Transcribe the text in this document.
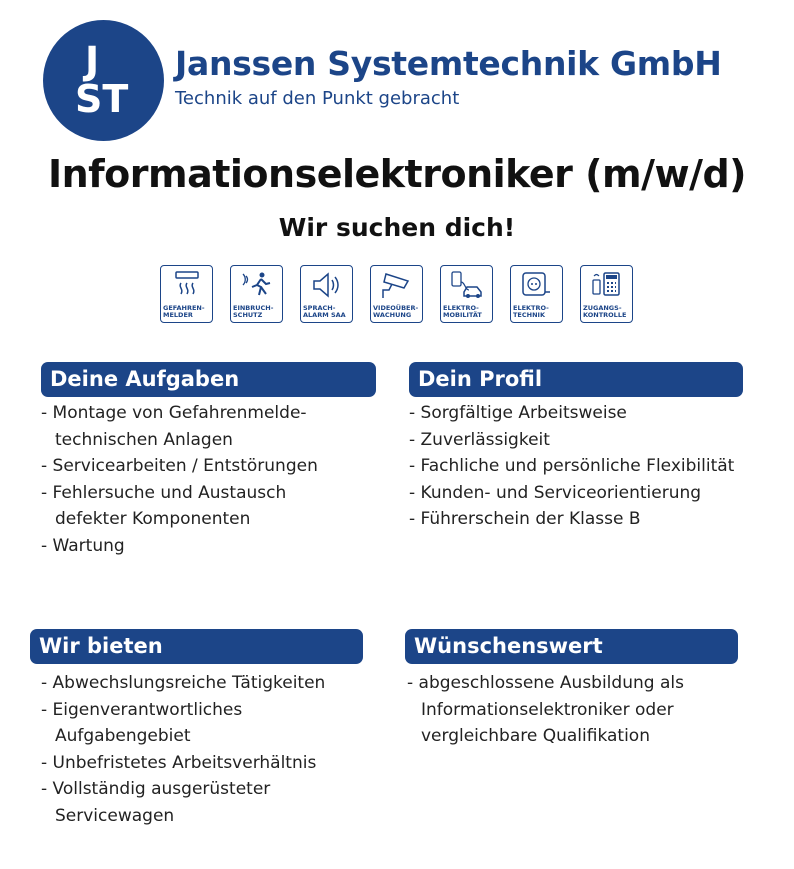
J
ST
Janssen Systemtechnik GmbH
Technik auf den Punkt gebracht
Informationselektroniker (m/w/d)
Wir suchen dich!
GEFAHREN-
MELDER
EINBRUCH-
SCHUTZ
SPRACH-
ALARM SAA
VIDEOÜBER-
WACHUNG
ELEKTRO-
MOBILITÄT
ELEKTRO-
TECHNIK
ZUGANGS-
KONTROLLE
Deine Aufgaben
- Montage von Gefahrenmelde-
technischen Anlagen
- Servicearbeiten / Entstörungen
- Fehlersuche und Austausch
defekter Komponenten
- Wartung
Dein Profil
- Sorgfältige Arbeitsweise
- Zuverlässigkeit
- Fachliche und persönliche Flexibilität
- Kunden- und Serviceorientierung
- Führerschein der Klasse B
Wir bieten
- Abwechslungsreiche Tätigkeiten
- Eigenverantwortliches
Aufgabengebiet
- Unbefristetes Arbeitsverhältnis
- Vollständig ausgerüsteter
Servicewagen
Wünschenswert
- abgeschlossene Ausbildung als
Informationselektroniker oder
vergleichbare Qualifikation
